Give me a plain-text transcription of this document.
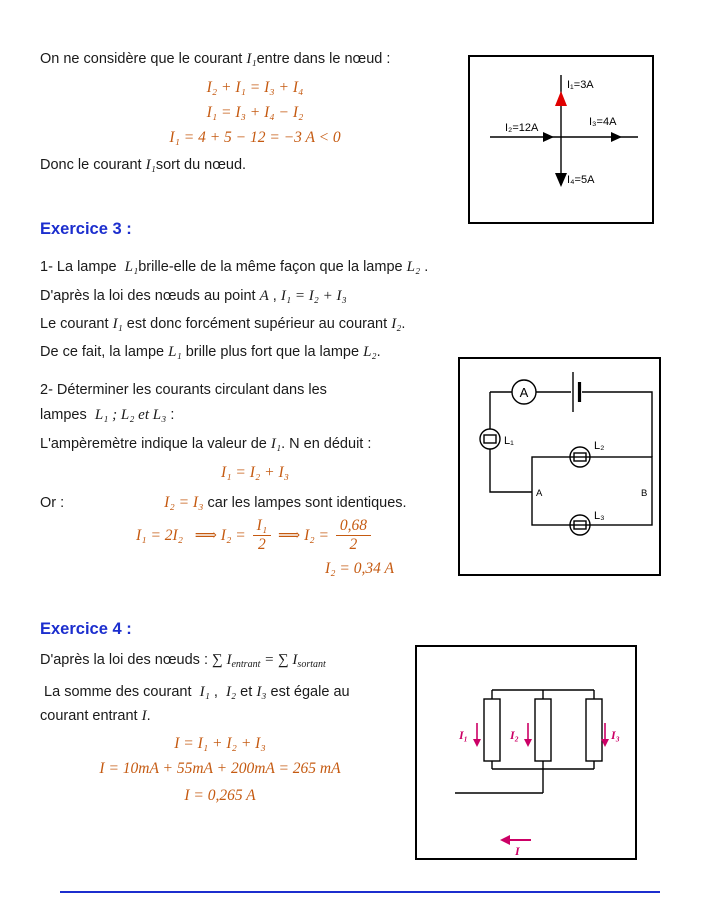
On ne considère que le courant I₁entre dans le nœud :

I₂ + I₁ = I₃ + I₄
I₁ = I₃ + I₄ − I₂
I₁ = 4 + 5 − 12 = −3 A < 0

Donc le courant I₁sort du nœud.

I₁=3A
I₂=12A	I₃=4A
I₄=5A
Exercice 3 :

1- La lampe  L₁brille-elle de la même façon que la lampe L₂ .

D'après la loi des nœuds au point A , I₁ = I₂ + I₃

Le courant I₁ est donc forcément supérieur au courant I₂.

De ce fait, la lampe L₁ brille plus fort que la lampe L₂.

2- Déterminer les courants circulant dans les

lampes  L₁ ; L₂ et L₃ :

L'ampèremètre indique la valeur de I₁. N en déduit :

I₁ = I₂ + I₃

Or :	I₂ = I₃ car les lampes sont identiques.

I₁ = 2I₂   ⟹ $I_2 = \frac{\text{I₁}}{2}$ ⟹ $I_2 = \frac{0,68}{2}$
I₂ = 0,34 A
A
L₁	L₂
L₃
A	B
Exercice 4 :

D'après la loi des nœuds : ∑ $I_{entrant}$ = ∑ $I_{sortant}$

La somme des courant  I₁ ,  I₂ et I₃ est égale au

courant entrant I.

I = I₁ + I₂ + I₃
I = 10mA + 55mA + 200mA = 265 mA
I = 0,265 A
I₁	I₂	I₃
I
